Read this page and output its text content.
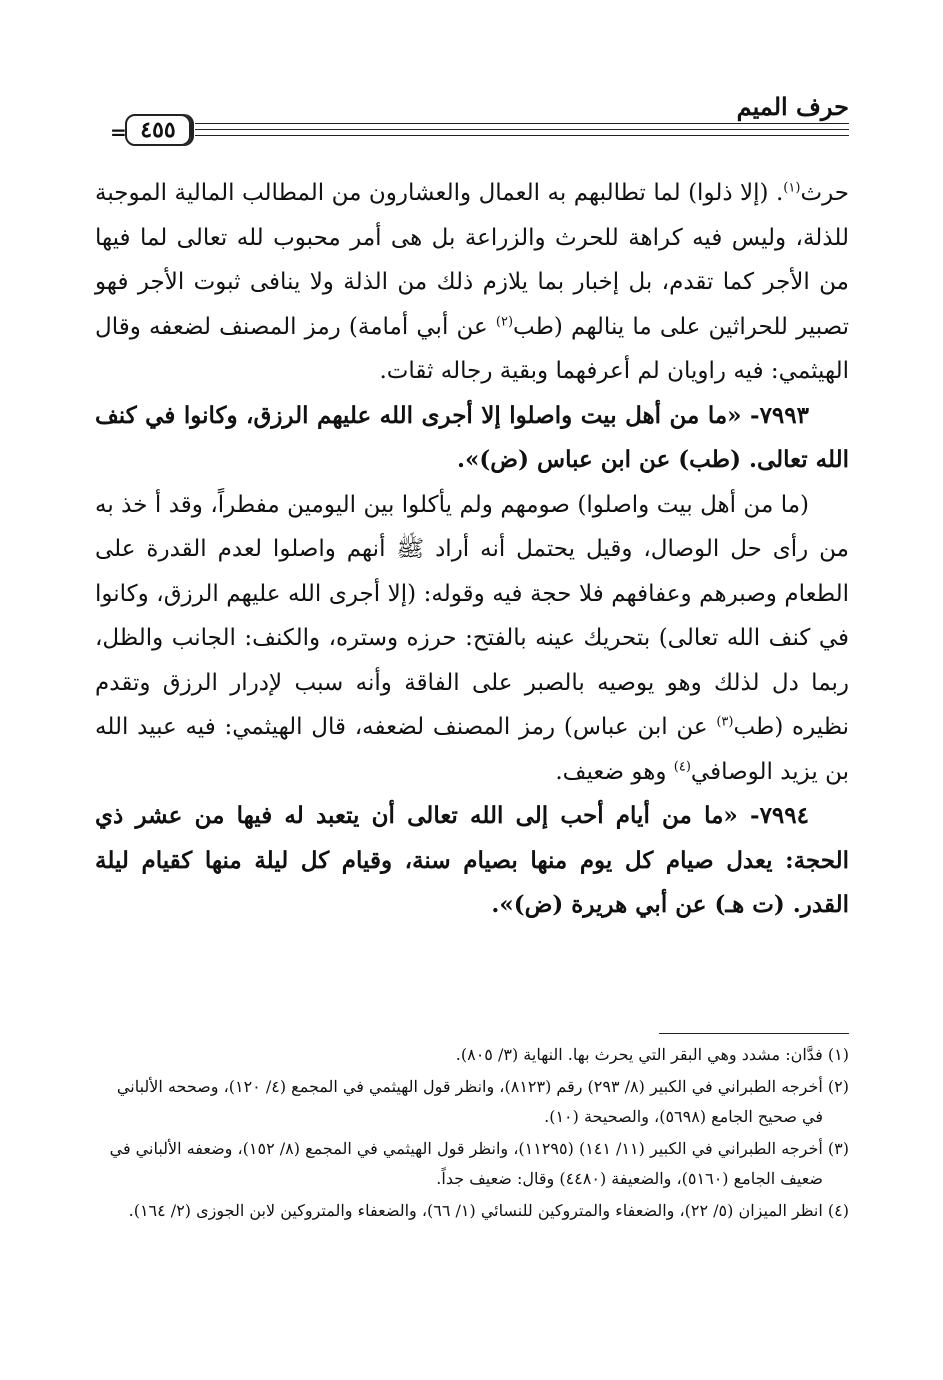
حرف الميم
= ٤٥٥

حرث$^{(١)}$. (إلا ذلوا) لما تطالبهم به العمال والعشارون من المطالب المالية الموجبة للذلة، وليس فيه كراهة للحرث والزراعة بل هى أمر محبوب لله تعالى لما فيها من الأجر كما تقدم، بل إخبار بما يلازم ذلك من الذلة ولا ينافى ثبوت الأجر فهو تصبير للحراثين على ما ينالهم (طب$^{(٢)}$ عن أبي أمامة) رمز المصنف لضعفه وقال الهيثمي: فيه راويان لم أعرفهما وبقية رجاله ثقات.

٧٩٩٣- «ما من أهل بيت واصلوا إلا أجرى الله عليهم الرزق، وكانوا في كنف الله تعالى. (طب) عن ابن عباس (ض)».

(ما من أهل بيت واصلوا) صومهم ولم يأكلوا بين اليومين مفطراً، وقد أ خذ به من رأى حل الوصال، وقيل يحتمل أنه أراد ﷺ أنهم واصلوا لعدم القدرة على الطعام وصبرهم وعفافهم فلا حجة فيه وقوله: (إلا أجرى الله عليهم الرزق، وكانوا في كنف الله تعالى) بتحريك عينه بالفتح: حرزه وستره، والكنف: الجانب والظل، ربما دل لذلك وهو يوصيه بالصبر على الفاقة وأنه سبب لإدرار الرزق وتقدم نظيره (طب$^{(٣)}$ عن ابن عباس) رمز المصنف لضعفه، قال الهيثمي: فيه عبيد الله بن يزيد الوصافي$^{(٤)}$ وهو ضعيف.

٧٩٩٤- «ما من أيام أحب إلى الله تعالى أن يتعبد له فيها من عشر ذي الحجة: يعدل صيام كل يوم منها بصيام سنة، وقيام كل ليلة منها كقيام ليلة القدر. (ت هـ) عن أبي هريرة (ض)».

(١) فدَّان: مشدد وهي البقر التي يحرث بها. النهاية (٣/ ٨٠٥).

(٢) أخرجه الطبراني في الكبير (٨/ ٢٩٣) رقم (٨١٢٣)، وانظر قول الهيثمي في المجمع (٤/ ١٢٠)، وصححه الألباني في صحيح الجامع (٥٦٩٨)، والصحيحة (١٠).

(٣) أخرجه الطبراني في الكبير (١١/ ١٤١) (١١٢٩٥)، وانظر قول الهيثمي في المجمع (٨/ ١٥٢)، وضعفه الألباني في ضعيف الجامع (٥١٦٠)، والضعيفة (٤٤٨٠) وقال: ضعيف جداً.

(٤) انظر الميزان (٥/ ٢٢)، والضعفاء والمتروكين للنسائي (١/ ٦٦)، والضعفاء والمتروكين لابن الجوزى (٢/ ١٦٤).
